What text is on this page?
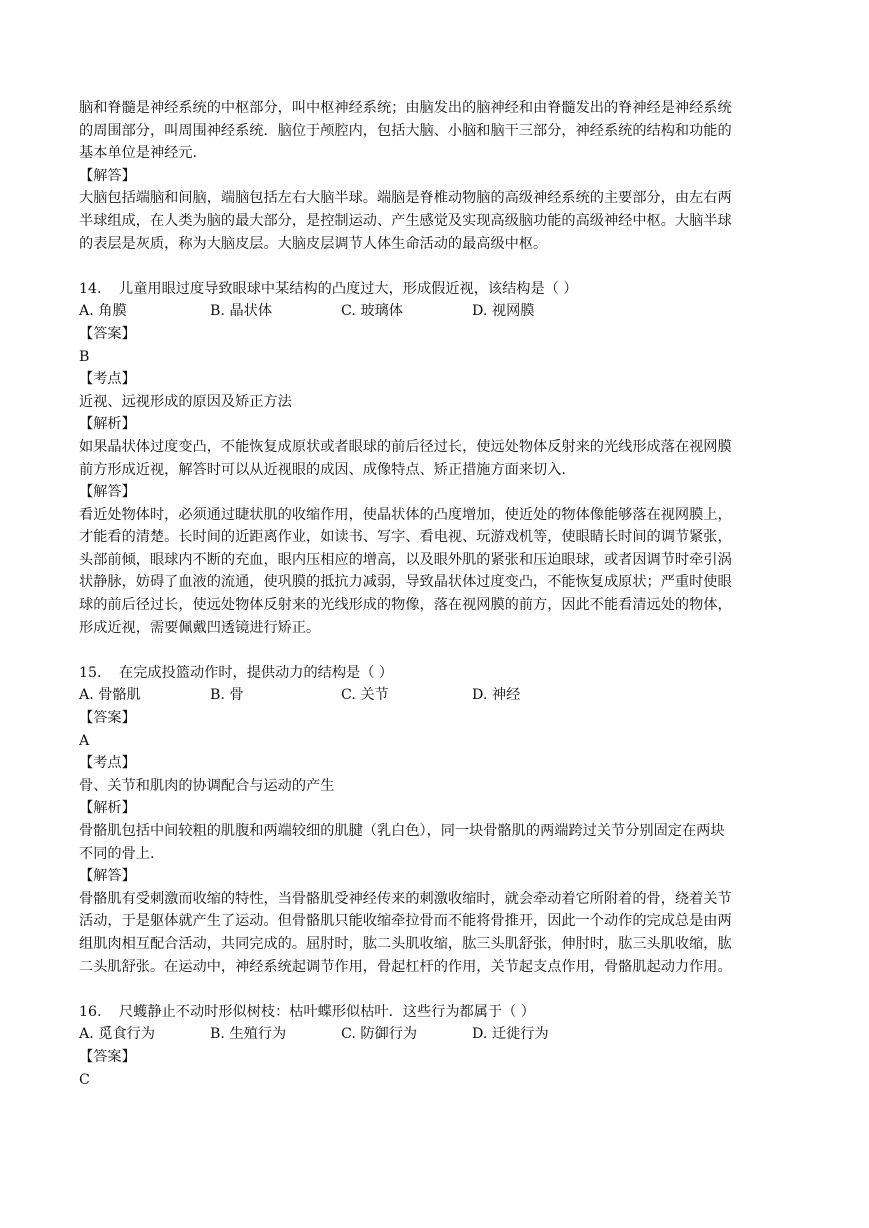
脑和脊髓是神经系统的中枢部分，叫中枢神经系统；由脑发出的脑神经和由脊髓发出的脊神经是神经系统
的周围部分，叫周围神经系统．脑位于颅腔内，包括大脑、小脑和脑干三部分，神经系统的结构和功能的
基本单位是神经元.
【解答】
大脑包括端脑和间脑，端脑包括左右大脑半球。端脑是脊椎动物脑的高级神经系统的主要部分，由左右两
半球组成，在人类为脑的最大部分，是控制运动、产生感觉及实现高级脑功能的高级神经中枢。大脑半球
的表层是灰质，称为大脑皮层。大脑皮层调节人体生命活动的最高级中枢。
14. 儿童用眼过度导致眼球中某结构的凸度过大，形成假近视，该结构是（ ）
A. 角膜	B. 晶状体	C. 玻璃体	D. 视网膜
【答案】
B
【考点】
近视、远视形成的原因及矫正方法
【解析】
如果晶状体过度变凸，不能恢复成原状或者眼球的前后径过长，使远处物体反射来的光线形成落在视网膜
前方形成近视，解答时可以从近视眼的成因、成像特点、矫正措施方面来切入.
【解答】
看近处物体时，必须通过睫状肌的收缩作用，使晶状体的凸度增加，使近处的物体像能够落在视网膜上，
才能看的清楚。长时间的近距离作业，如读书、写字、看电视、玩游戏机等，使眼睛长时间的调节紧张，
头部前倾，眼球内不断的充血，眼内压相应的增高，以及眼外肌的紧张和压迫眼球，或者因调节时牵引涡
状静脉，妨碍了血液的流通，使巩膜的抵抗力减弱，导致晶状体过度变凸，不能恢复成原状；严重时使眼
球的前后径过长，使远处物体反射来的光线形成的物像，落在视网膜的前方，因此不能看清远处的物体，
形成近视，需要佩戴凹透镜进行矫正。
15. 在完成投篮动作时，提供动力的结构是（ ）
A. 骨骼肌	B. 骨	C. 关节	D. 神经
【答案】
A
【考点】
骨、关节和肌肉的协调配合与运动的产生
【解析】
骨骼肌包括中间较粗的肌腹和两端较细的肌腱（乳白色），同一块骨骼肌的两端跨过关节分别固定在两块
不同的骨上.
【解答】
骨骼肌有受刺激而收缩的特性，当骨骼肌受神经传来的刺激收缩时，就会牵动着它所附着的骨，绕着关节
活动，于是躯体就产生了运动。但骨骼肌只能收缩牵拉骨而不能将骨推开，因此一个动作的完成总是由两
组肌肉相互配合活动，共同完成的。屈肘时，肱二头肌收缩，肱三头肌舒张，伸肘时，肱三头肌收缩，肱
二头肌舒张。在运动中，神经系统起调节作用，骨起杠杆的作用，关节起支点作用，骨骼肌起动力作用。
16. 尺蠖静止不动时形似树枝：枯叶蝶形似枯叶．这些行为都属于（ ）
A. 觅食行为	B. 生殖行为	C. 防御行为	D. 迁徙行为
【答案】
C
